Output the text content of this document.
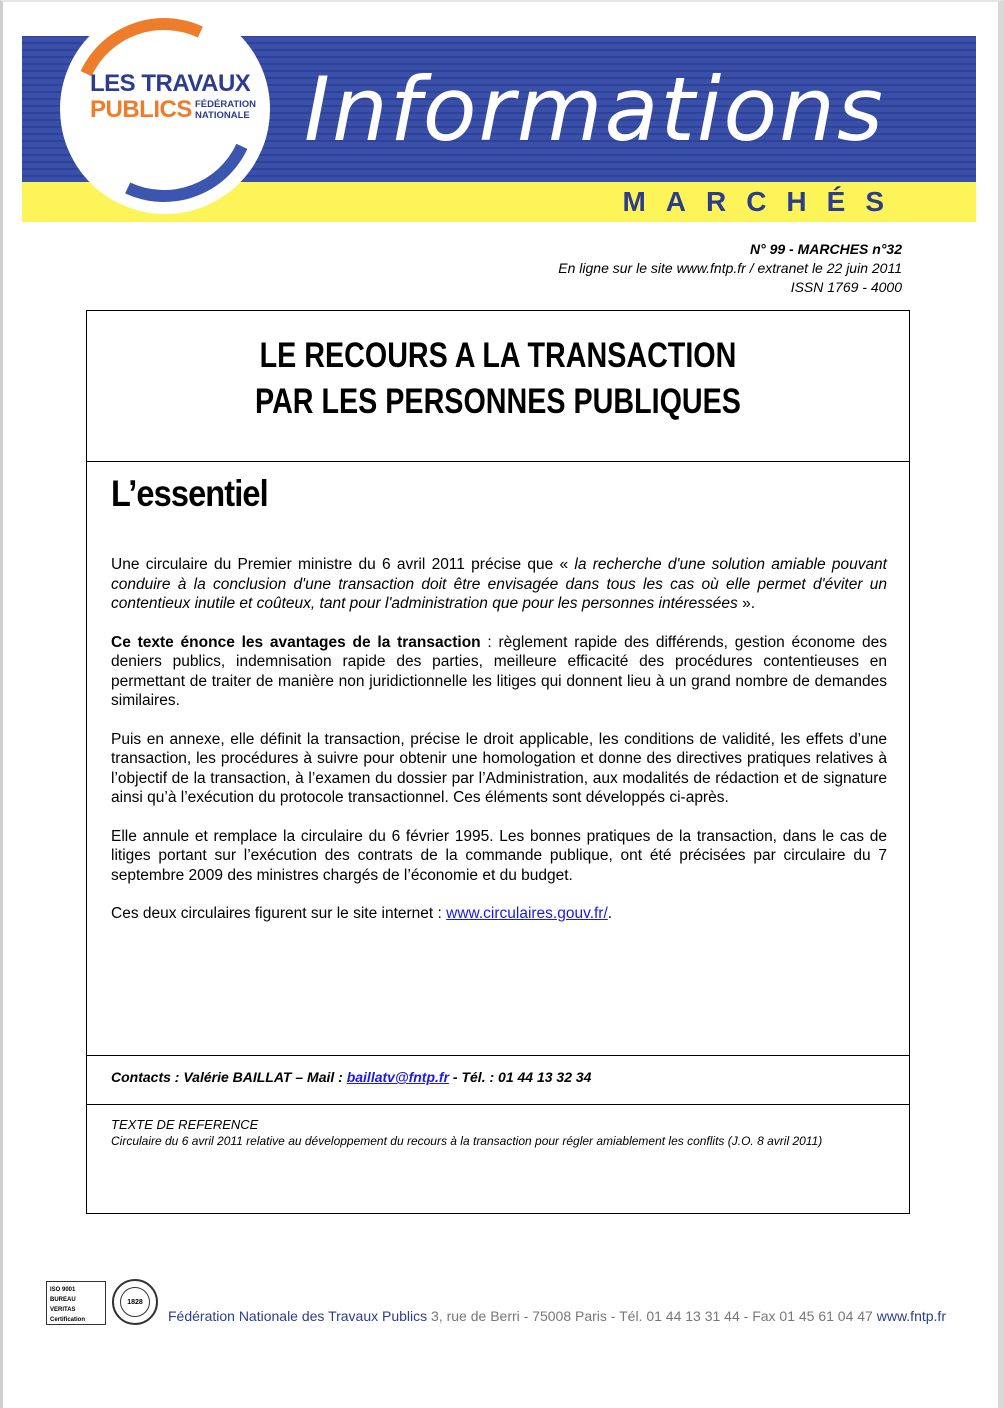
Informations
MARCHÉS
LES TRAVAUX
PUBLICS FÉDÉRATION NATIONALE
N° 99 - MARCHES n°32
En ligne sur le site www.fntp.fr / extranet le 22 juin 2011
ISSN 1769 - 4000
LE RECOURS A LA TRANSACTION
PAR LES PERSONNES PUBLIQUES
L’essentiel

Une circulaire du Premier ministre du 6 avril 2011 précise que « la recherche d'une solution amiable pouvant conduire à la conclusion d'une transaction doit être envisagée dans tous les cas où elle permet d'éviter un contentieux inutile et coûteux, tant pour l'administration que pour les personnes intéressées ».

Ce texte énonce les avantages de la transaction : règlement rapide des différends, gestion économe des deniers publics, indemnisation rapide des parties, meilleure efficacité des procédures contentieuses en permettant de traiter de manière non juridictionnelle les litiges qui donnent lieu à un grand nombre de demandes similaires.

Puis en annexe, elle définit la transaction, précise le droit applicable, les conditions de validité, les effets d’une transaction, les procédures à suivre pour obtenir une homologation et donne des directives pratiques relatives à l’objectif de la transaction, à l’examen du dossier par l’Administration, aux modalités de rédaction et de signature ainsi qu’à l’exécution du protocole transactionnel. Ces éléments sont développés ci-après.

Elle annule et remplace la circulaire du 6 février 1995. Les bonnes pratiques de la transaction, dans le cas de litiges portant sur l’exécution des contrats de la commande publique, ont été précisées par circulaire du 7 septembre 2009 des ministres chargés de l’économie et du budget.

Ces deux circulaires figurent sur le site internet : www.circulaires.gouv.fr/.

Contacts : Valérie BAILLAT – Mail : baillatv@fntp.fr - Tél. : 01 44 13 32 34
TEXTE DE REFERENCE
Circulaire du 6 avril 2011 relative au développement du recours à la transaction pour régler amiablement les conflits (J.O. 8 avril 2011)
ISO 9001
BUREAU VERITAS
Certification
1828
Fédération Nationale des Travaux Publics 3, rue de Berri - 75008 Paris - Tél. 01 44 13 31 44 - Fax 01 45 61 04 47 www.fntp.fr
